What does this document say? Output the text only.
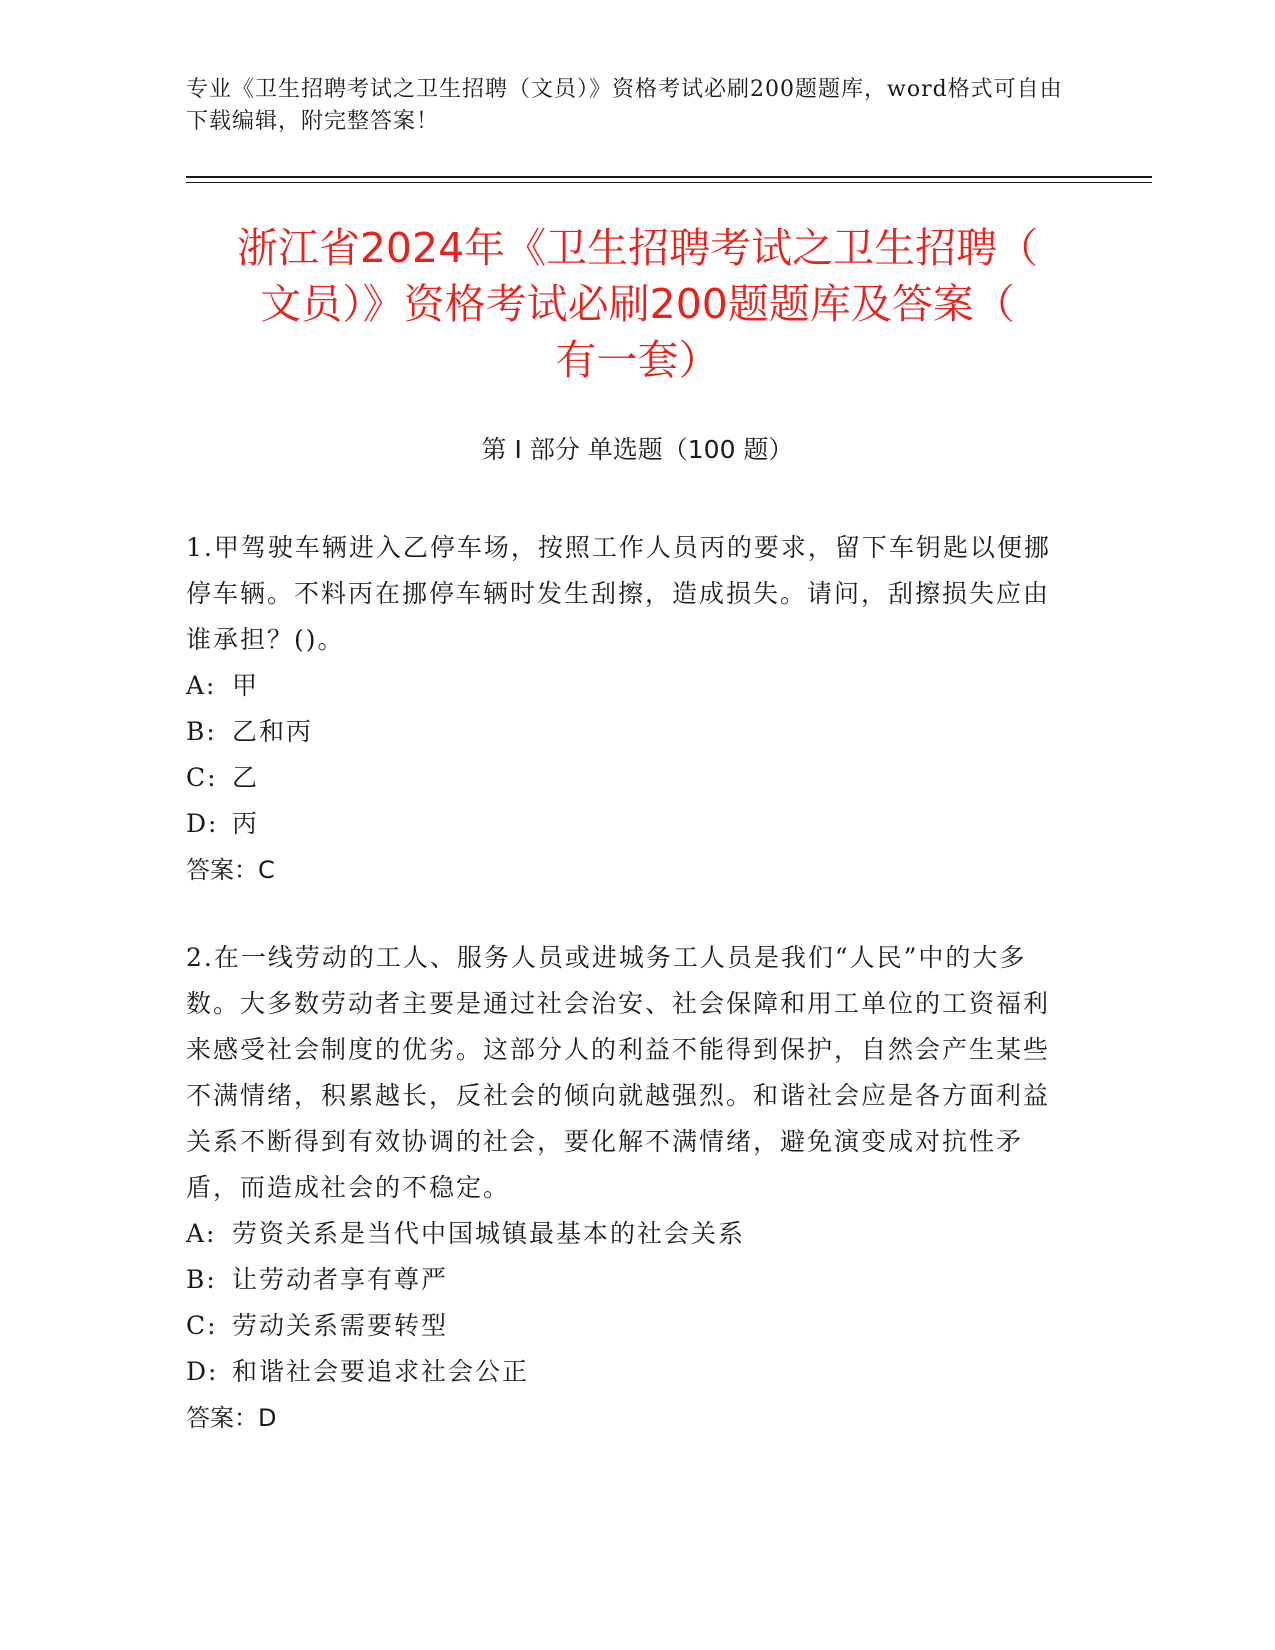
专业《卫生招聘考试之卫生招聘（文员）》资格考试必刷200题题库，word格式可自由下载编辑，附完整答案！
浙江省2024年《卫生招聘考试之卫生招聘（
文员）》资格考试必刷200题题库及答案（
有一套）
第 I 部分 单选题（100 题）

1.甲驾驶车辆进入乙停车场，按照工作人员丙的要求，留下车钥匙以便挪停车辆。不料丙在挪停车辆时发生刮擦，造成损失。请问，刮擦损失应由谁承担？()。

A: 甲

B: 乙和丙

C: 乙

D: 丙

答案：C

2.在一线劳动的工人、服务人员或进城务工人员是我们“人民”中的大多数。大多数劳动者主要是通过社会治安、社会保障和用工单位的工资福利来感受社会制度的优劣。这部分人的利益不能得到保护，自然会产生某些不满情绪，积累越长，反社会的倾向就越强烈。和谐社会应是各方面利益关系不断得到有效协调的社会，要化解不满情绪，避免演变成对抗性矛盾，而造成社会的不稳定。

A: 劳资关系是当代中国城镇最基本的社会关系

B: 让劳动者享有尊严

C: 劳动关系需要转型

D: 和谐社会要追求社会公正

答案：D
